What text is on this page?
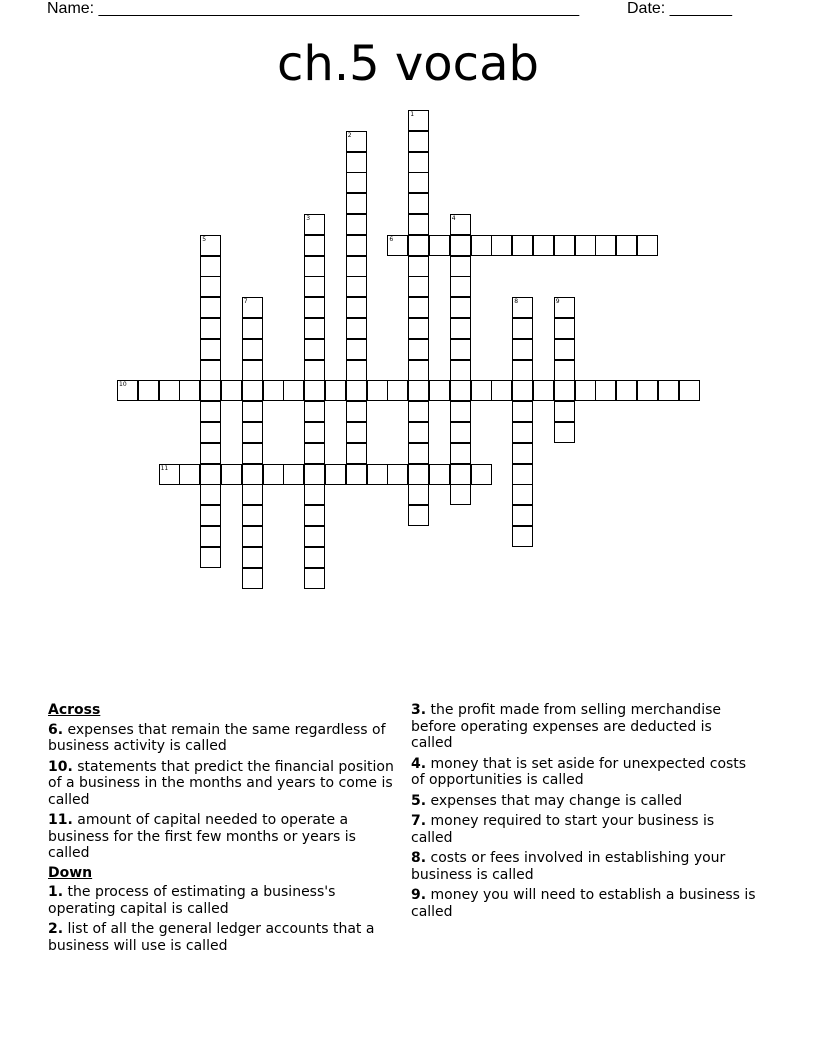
Name: ______________________________________________________	Date: _______
ch.5 vocab
1
2
3	4
5	6
7	8	9
10
11
Across
6. expenses that remain the same regardless of business activity is called
10. statements that predict the financial position of a business in the months and years to come is called
11. amount of capital needed to operate a business for the first few months or years is called
Down
1. the process of estimating a business's operating capital is called
2. list of all the general ledger accounts that a business will use is called
3. the profit made from selling merchandise before operating expenses are deducted is called
4. money that is set aside for unexpected costs of opportunities is called
5. expenses that may change is called
7. money required to start your business is called
8. costs or fees involved in establishing your business is called
9. money you will need to establish a business is called
